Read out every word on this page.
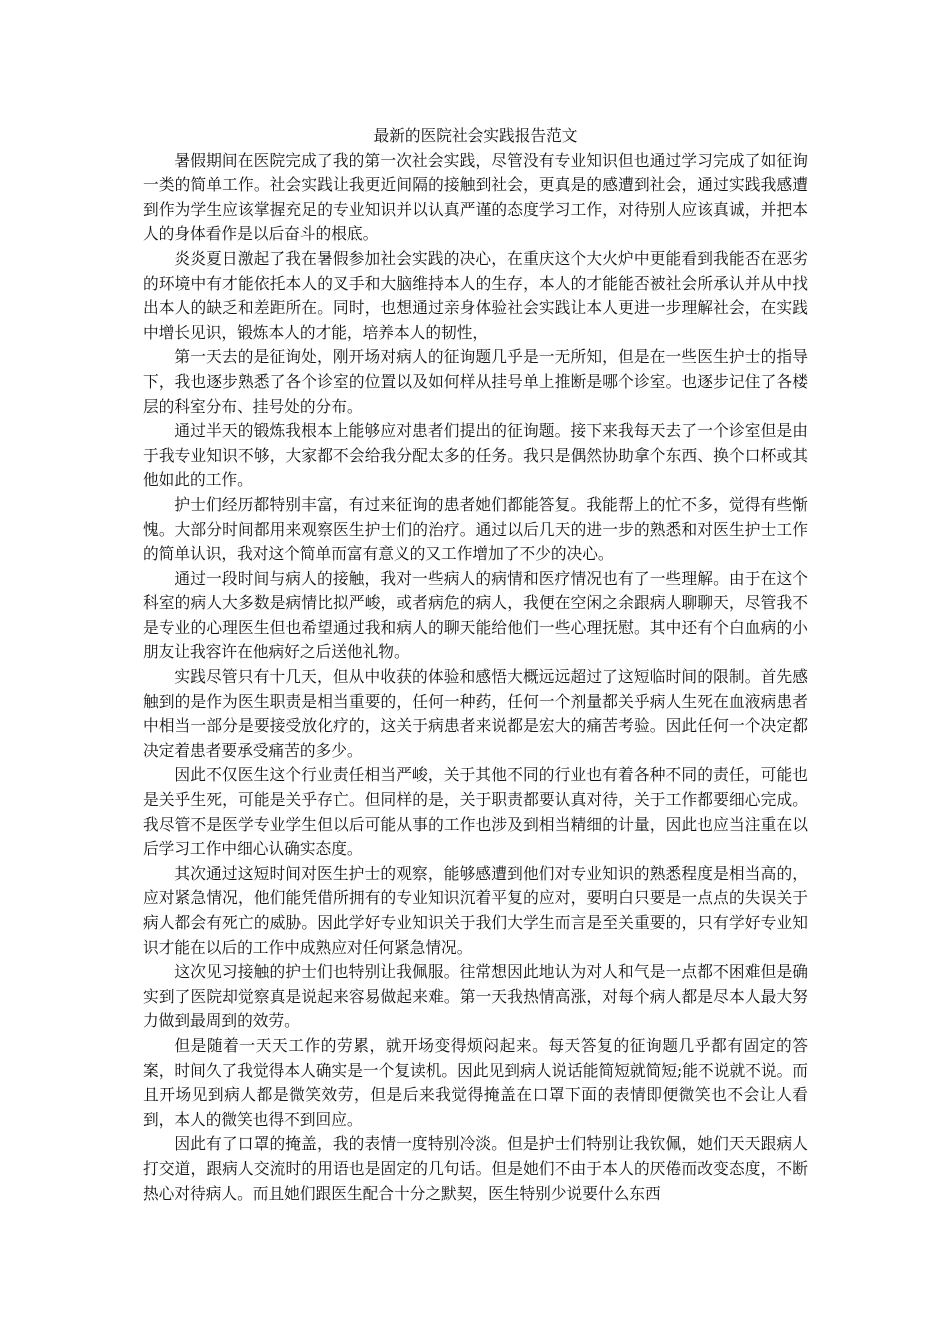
最新的医院社会实践报告范文

暑假期间在医院完成了我的第一次社会实践，尽管没有专业知识但也通过学习完成了如征询一类的简单工作。社会实践让我更近间隔的接触到社会，更真是的感遭到社会，通过实践我感遭到作为学生应该掌握充足的专业知识并以认真严谨的态度学习工作，对待别人应该真诚，并把本人的身体看作是以后奋斗的根底。

炎炎夏日激起了我在暑假参加社会实践的决心，在重庆这个大火炉中更能看到我能否在恶劣的环境中有才能依托本人的叉手和大脑维持本人的生存，本人的才能能否被社会所承认并从中找出本人的缺乏和差距所在。同时，也想通过亲身体验社会实践让本人更进一步理解社会，在实践中增长见识，锻炼本人的才能，培养本人的韧性，

第一天去的是征询处，刚开场对病人的征询题几乎是一无所知，但是在一些医生护士的指导下，我也逐步熟悉了各个诊室的位置以及如何样从挂号单上推断是哪个诊室。也逐步记住了各楼层的科室分布、挂号处的分布。

通过半天的锻炼我根本上能够应对患者们提出的征询题。接下来我每天去了一个诊室但是由于我专业知识不够，大家都不会给我分配太多的任务。我只是偶然协助拿个东西、换个口杯或其他如此的工作。

护士们经历都特别丰富，有过来征询的患者她们都能答复。我能帮上的忙不多，觉得有些惭愧。大部分时间都用来观察医生护士们的治疗。通过以后几天的进一步的熟悉和对医生护士工作的简单认识，我对这个简单而富有意义的又工作增加了不少的决心。

通过一段时间与病人的接触，我对一些病人的病情和医疗情况也有了一些理解。由于在这个科室的病人大多数是病情比拟严峻，或者病危的病人，我便在空闲之余跟病人聊聊天，尽管我不是专业的心理医生但也希望通过我和病人的聊天能给他们一些心理抚慰。其中还有个白血病的小朋友让我容许在他病好之后送他礼物。

实践尽管只有十几天，但从中收获的体验和感悟大概远远超过了这短临时间的限制。首先感触到的是作为医生职责是相当重要的，任何一种药，任何一个剂量都关乎病人生死在血液病患者中相当一部分是要接受放化疗的，这关于病患者来说都是宏大的痛苦考验。因此任何一个决定都决定着患者要承受痛苦的多少。

因此不仅医生这个行业责任相当严峻，关于其他不同的行业也有着各种不同的责任，可能也是关乎生死，可能是关乎存亡。但同样的是，关于职责都要认真对待，关于工作都要细心完成。我尽管不是医学专业学生但以后可能从事的工作也涉及到相当精细的计量，因此也应当注重在以后学习工作中细心认确实态度。

其次通过这短时间对医生护士的观察，能够感遭到他们对专业知识的熟悉程度是相当高的，应对紧急情况，他们能凭借所拥有的专业知识沉着平复的应对，要明白只要是一点点的失误关于病人都会有死亡的威胁。因此学好专业知识关于我们大学生而言是至关重要的，只有学好专业知识才能在以后的工作中成熟应对任何紧急情况。

这次见习接触的护士们也特别让我佩服。往常想因此地认为对人和气是一点都不困难但是确实到了医院却觉察真是说起来容易做起来难。第一天我热情高涨，对每个病人都是尽本人最大努力做到最周到的效劳。

但是随着一天天工作的劳累，就开场变得烦闷起来。每天答复的征询题几乎都有固定的答案，时间久了我觉得本人确实是一个复读机。因此见到病人说话能简短就简短;能不说就不说。而且开场见到病人都是微笑效劳，但是后来我觉得掩盖在口罩下面的表情即便微笑也不会让人看到，本人的微笑也得不到回应。

因此有了口罩的掩盖，我的表情一度特别冷淡。但是护士们特别让我钦佩，她们天天跟病人打交道，跟病人交流时的用语也是固定的几句话。但是她们不由于本人的厌倦而改变态度，不断热心对待病人。而且她们跟医生配合十分之默契，医生特别少说要什么东西
